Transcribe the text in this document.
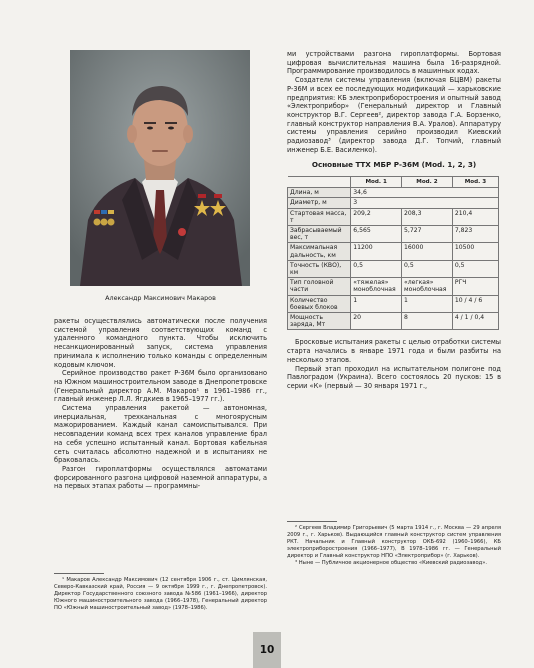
Александр Максимович Макаров

ракеты осуществлялись автоматически после получения системой управления соответствующих команд с удаленного командного пункта. Чтобы исключить несанкционированный запуск, система управления принимала к исполнению только команды с определенным кодовым ключом.

Серийное производство ракет Р-36М было организовано на Южном машиностроительном заводе в Днепропетровске (Генеральный директор А.М. Макаров¹ в 1961–1986 гг., главный инженер Л.Л. Ягдкиев в 1965–1977 гг.).

Система управления ракетой — автономная, инерциальная, трехканальная с многоярусным мажорированием. Каждый канал самоиспытывался. При несовпадении команд всех трех каналов управление брал на себя успешно испытанный канал. Бортовая кабельная сеть считалась абсолютно надежной и в испытаниях не браковалась.

Разгон гироплатформы осуществлялся автоматами форсированного разгона цифровой наземной аппаратуры, а на первых этапах работы — программны-

¹ Макаров Александр Максимович (12 сентября 1906 г., ст. Цимлянская, Северо-Кавказский край, Россия — 9 октября 1999 г., г. Днепропетровск). Директор Государственного союзного завода №586 (1961–1966), директор Южного машиностроительного завода (1966–1978), Генеральный директор ПО «Южный машиностроительный завод» (1978–1986).

ми устройствами разгона гироплатформы. Бортовая цифровая вычислительная машина была 16-разрядной. Программирование производилось в машинных кодах.

Создатели системы управления (включая БЦВМ) ракеты Р-36М и всех ее последующих модификаций — харьковские предприятия: КБ электроприборостроения и опытный завод «Электроприбор» (Генеральный директор и Главный конструктор В.Г. Сергеев², директор завода Г.А. Борзенко, главный конструктор направления В.А. Уралов). Аппаратуру системы управления серийно производил Киевский радиозавод³ (директор завода Д.Г. Топчий, главный инженер Б.Е. Василенко).

Основные ТТХ МБР Р-36М (Mod. 1, 2, 3)
	Mod. 1	Mod. 2	Mod. 3
Длина, м	34,6		
Диаметр, м	3		
Стартовая масса, т	209,2	208,3	210,4
Забрасываемый вес, т	6,565	5,727	7,823
Максимальная дальность, км	11200	16000	10500
Точность (КВО), км	0,5	0,5	0,5
Тип головной части	«тяжелая» моноблочная	«легкая» моноблочная	РГЧ
Количество боевых блоков	1	1	10 / 4 / 6
Мощность заряда, Мт	20	8	4 / 1 / 0,4

Бросковые испытания ракеты с целью отработки системы старта начались в январе 1971 года и были разбиты на несколько этапов.

Первый этап проходил на испытательном полигоне под Павлоградом (Украина). Всего состоялось 20 пусков: 15 в серии «К» (первый — 30 января 1971 г.,

² Сергеев Владимир Григорьевич (5 марта 1914 г., г. Москва — 29 апреля 2009 г., г. Харьков). Выдающийся главный конструктор систем управления РКТ. Начальник и Главный конструктор ОКБ-692 (1960–1966), КБ электроприборостроения (1966–1977), В 1978–1986 гг. — Генеральный директор и Главный конструктор НПО «Электроприбор» (г. Харьков).

³ Ныне — Публичное акционерное общество «Киевский радиозавод».

10
